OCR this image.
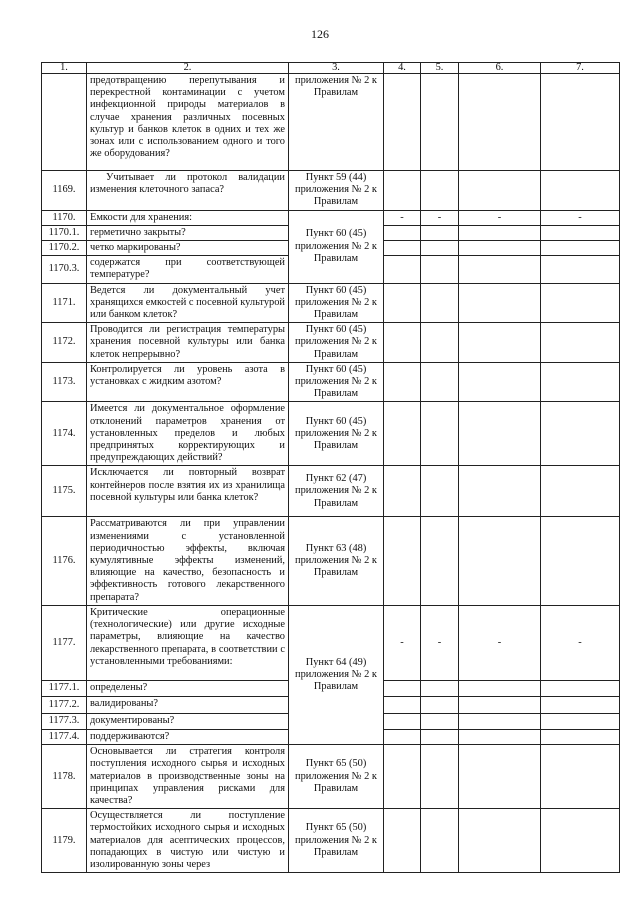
126
1.	2.	3.	4.	5.	6.	7.
	предотвращению перепутывания и перекрестной контаминации с учетом инфекционной природы материалов в случае хранения различных посевных культур и банков клеток в одних и тех же зонах или с использованием одного и того же оборудования?	приложения № 2 к Правилам				
1169.	Учитывает ли протокол валидации изменения клеточного запаса?	Пункт 59 (44) приложения № 2 к Правилам				
1170.	Емкости для хранения:	Пункт 60 (45) приложения № 2 к Правилам	-	-	-	-
1170.1.	герметично закрыты?					
1170.2.	четко маркированы?					
1170.3.	содержатся при соответствующей температуре?					
1171.	Ведется ли документальный учет хранящихся емкостей с посевной культурой или банком клеток?	Пункт 60 (45) приложения № 2 к Правилам				
1172.	Проводится ли регистрация температуры хранения посевной культуры или банка клеток непрерывно?	Пункт 60 (45) приложения № 2 к Правилам				
1173.	Контролируется ли уровень азота в установках с жидким азотом?	Пункт 60 (45) приложения № 2 к Правилам				
1174.	Имеется ли документальное оформление отклонений параметров хранения от установленных пределов и любых предпринятых корректирующих и предупреждающих действий?	Пункт 60 (45) приложения № 2 к Правилам				
1175.	Исключается ли повторный возврат контейнеров после взятия их из хранилища посевной культуры или банка клеток?	Пункт 62 (47) приложения № 2 к Правилам				
1176.	Рассматриваются ли при управлении изменениями с установленной периодичностью эффекты, включая кумулятивные эффекты изменений, влияющие на качество, безопасность и эффективность готового лекарственного препарата?	Пункт 63 (48) приложения № 2 к Правилам				
1177.	Критические операционные (технологические) или другие исходные параметры, влияющие на качество лекарственного препарата, в соответствии с установленными требованиями:	Пункт 64 (49) приложения № 2 к Правилам	-	-	-	-
1177.1.	определены?					
1177.2.	валидированы?					
1177.3.	документированы?					
1177.4.	поддерживаются?					
1178.	Основывается ли стратегия контроля поступления исходного сырья и исходных материалов в производственные зоны на принципах управления рисками для качества?	Пункт 65 (50) приложения № 2 к Правилам				
1179.	Осуществляется ли поступление термостойких исходного сырья и исходных материалов для асептических процессов, попадающих в чистую или чистую и изолированную зоны через	Пункт 65 (50) приложения № 2 к Правилам				
